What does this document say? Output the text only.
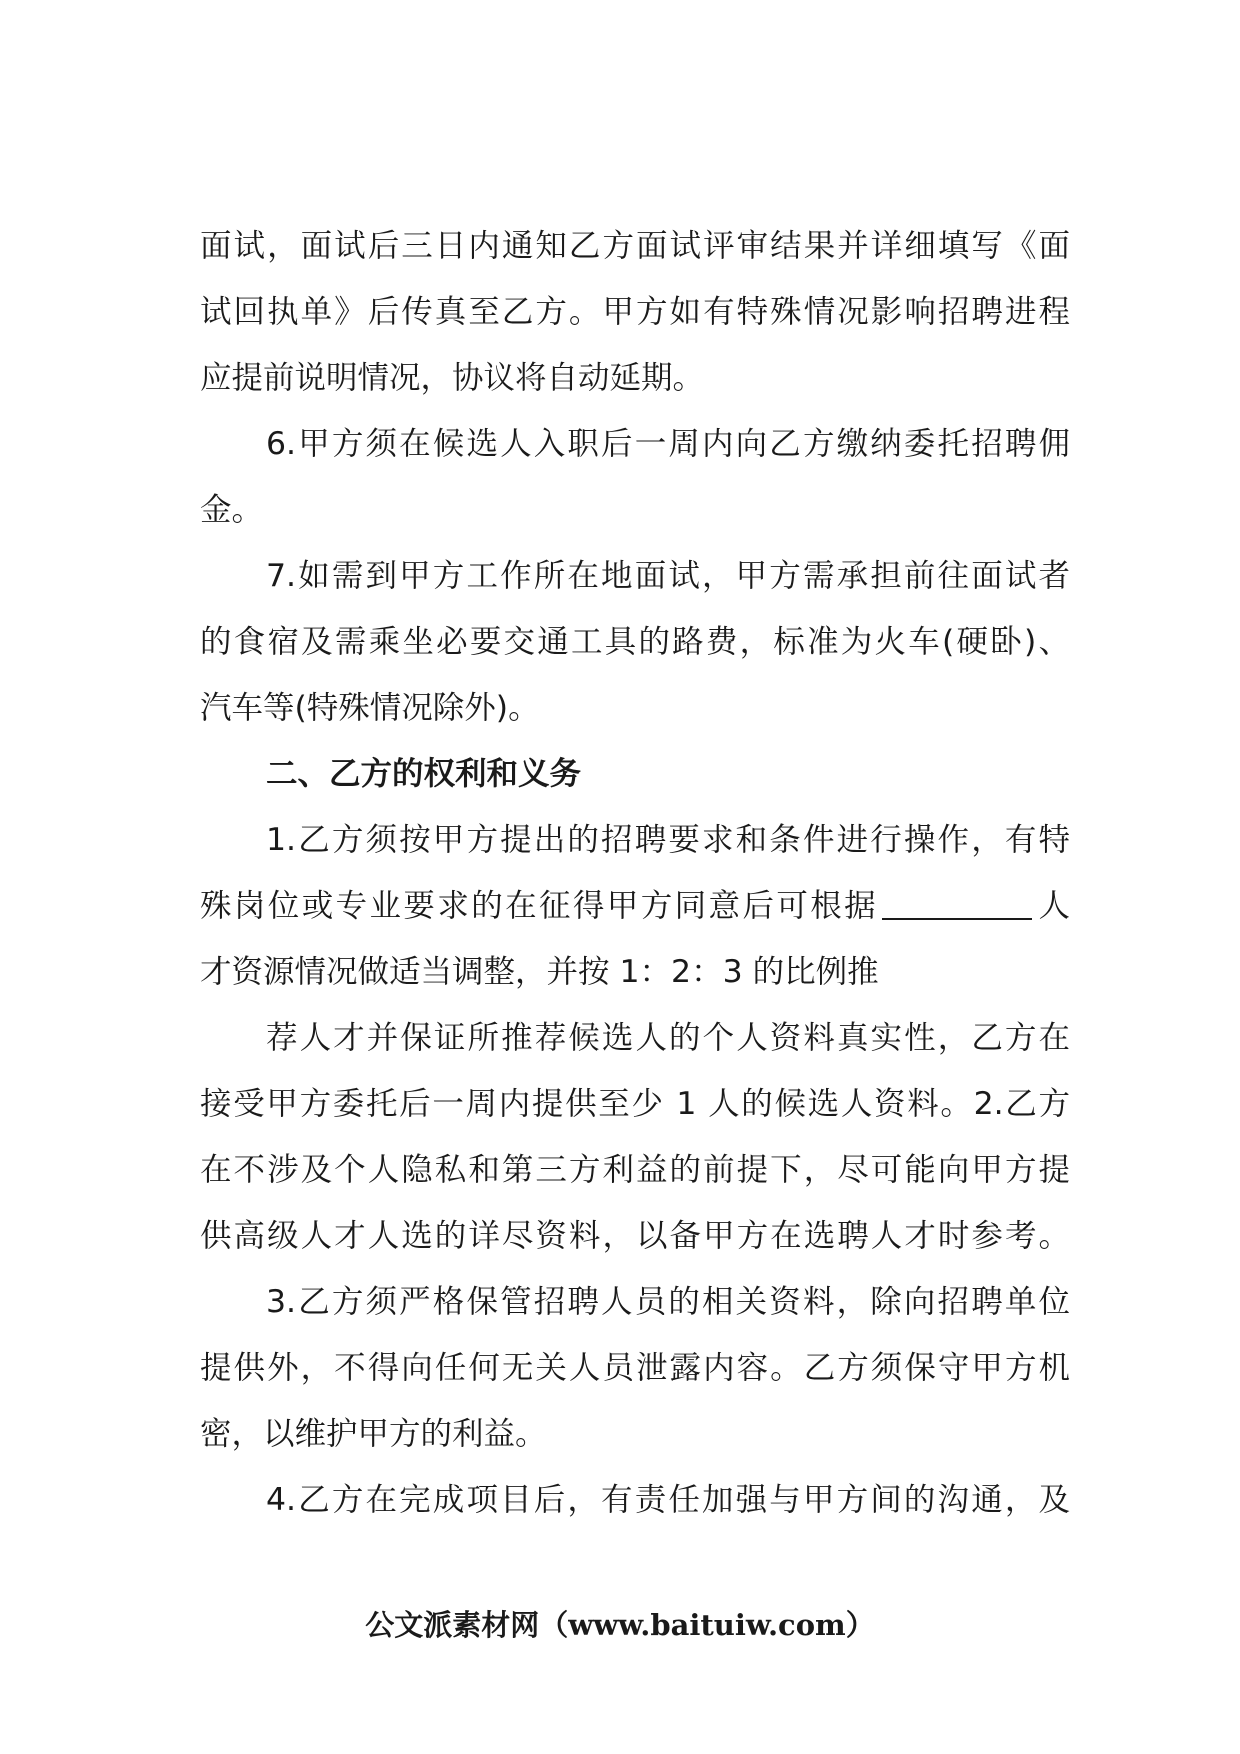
面试，面试后三日内通知乙方面试评审结果并详细填写《面
试回执单》后传真至乙方。甲方如有特殊情况影响招聘进程
应提前说明情况，协议将自动延期。
6.甲方须在候选人入职后一周内向乙方缴纳委托招聘佣
金。
7.如需到甲方工作所在地面试，甲方需承担前往面试者
的食宿及需乘坐必要交通工具的路费，标准为火车(硬卧)、
汽车等(特殊情况除外)。
二、乙方的权利和义务
1.乙方须按甲方提出的招聘要求和条件进行操作，有特
殊岗位或专业要求的在征得甲方同意后可根据	人
才资源情况做适当调整，并按 1：2：3 的比例推
荐人才并保证所推荐候选人的个人资料真实性，乙方在
接受甲方委托后一周内提供至少 1 人的候选人资料。2.乙方
在不涉及个人隐私和第三方利益的前提下，尽可能向甲方提
供高级人才人选的详尽资料，以备甲方在选聘人才时参考。
3.乙方须严格保管招聘人员的相关资料，除向招聘单位
提供外，不得向任何无关人员泄露内容。乙方须保守甲方机
密，以维护甲方的利益。
4.乙方在完成项目后，有责任加强与甲方间的沟通，及
公文派素材网（www.baituiw.com）
